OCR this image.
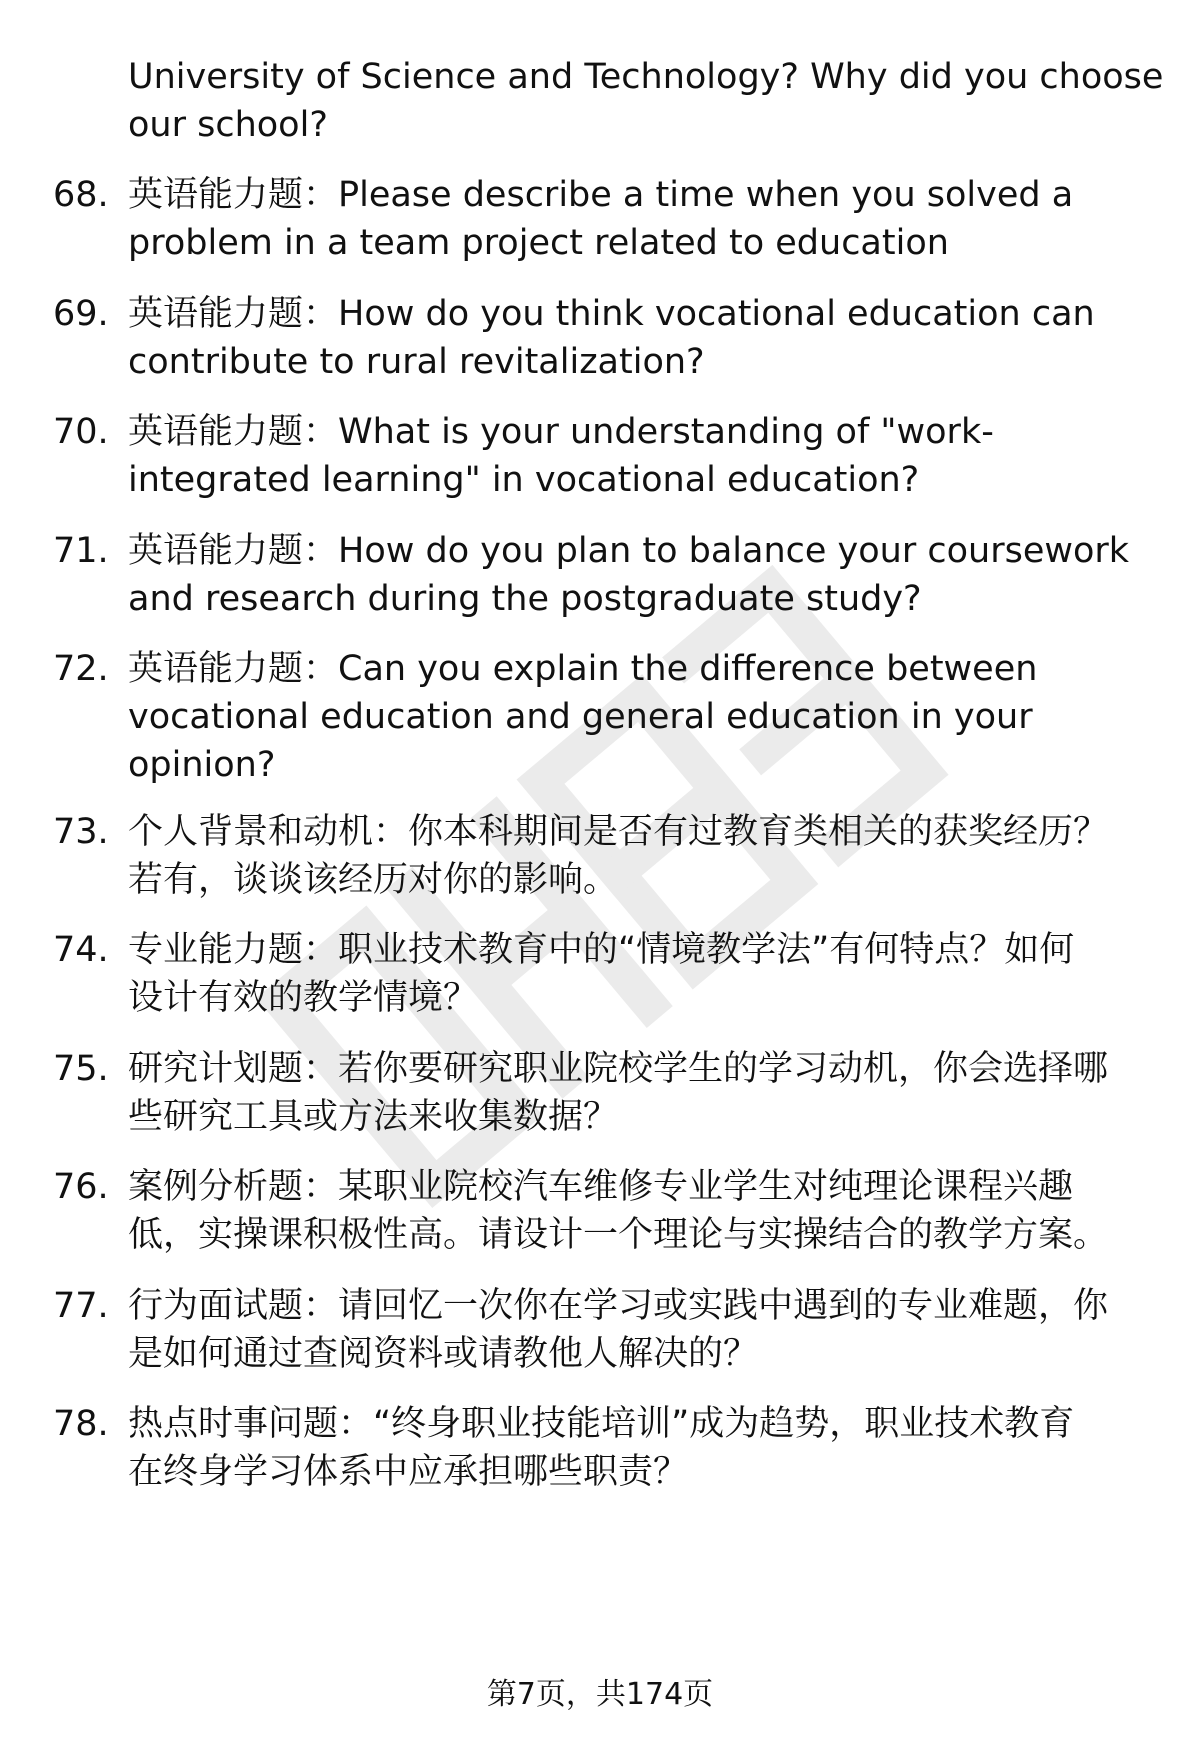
University of Science and Technology? Why did you choose
our school?
68. 英语能力题：Please describe a time when you solved a
problem in a team project related to education
69. 英语能力题：How do you think vocational education can
contribute to rural revitalization?
70. 英语能力题：What is your understanding of "work-
integrated learning" in vocational education?
71. 英语能力题：How do you plan to balance your coursework
and research during the postgraduate study?
72. 英语能力题：Can you explain the difference between
vocational education and general education in your
opinion?
73. 个人背景和动机：你本科期间是否有过教育类相关的获奖经历？
若有，谈谈该经历对你的影响。
74. 专业能力题：职业技术教育中的“情境教学法”有何特点？如何
设计有效的教学情境？
75. 研究计划题：若你要研究职业院校学生的学习动机，你会选择哪
些研究工具或方法来收集数据？
76. 案例分析题：某职业院校汽车维修专业学生对纯理论课程兴趣
低，实操课积极性高。请设计一个理论与实操结合的教学方案。
77. 行为面试题：请回忆一次你在学习或实践中遇到的专业难题，你
是如何通过查阅资料或请教他人解决的？
78. 热点时事问题：“终身职业技能培训”成为趋势，职业技术教育
在终身学习体系中应承担哪些职责？
第7页，共174页
